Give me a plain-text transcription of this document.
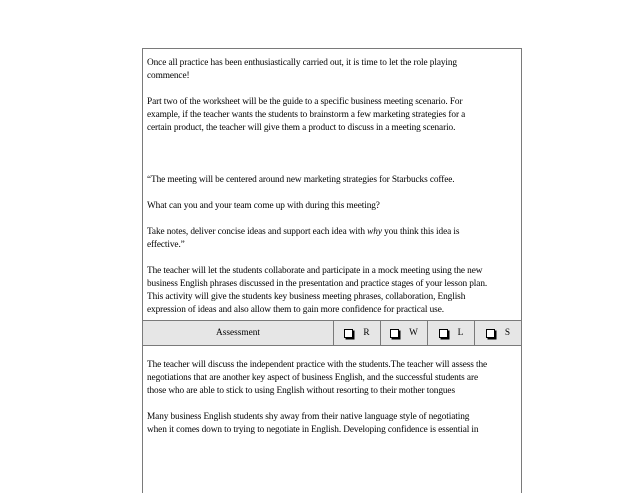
Once all practice has been enthusiastically carried out, it is time to let the role playing
commence!

Part two of the worksheet will be the guide to a specific business meeting scenario. For
example, if the teacher wants the students to brainstorm a few marketing strategies for a
certain product, the teacher will give them a product to discuss in a meeting scenario.

“The meeting will be centered around new marketing strategies for Starbucks coffee.

What can you and your team come up with during this meeting?

Take notes, deliver concise ideas and support each idea with why you think this idea is
effective.”

The teacher will let the students collaborate and participate in a mock meeting using the new
business English phrases discussed in the presentation and practice stages of your lesson plan.
This activity will give the students key business meeting phrases, collaboration, English
expression of ideas and also allow them to gain more confidence for practical use.

Assessment	R	W	L	S

The teacher will discuss the independent practice with the students.The teacher will assess the
negotiations that are another key aspect of business English, and the successful students are
those who are able to stick to using English without resorting to their mother tongues

Many business English students shy away from their native language style of negotiating
when it comes down to trying to negotiate in English. Developing confidence is essential in
